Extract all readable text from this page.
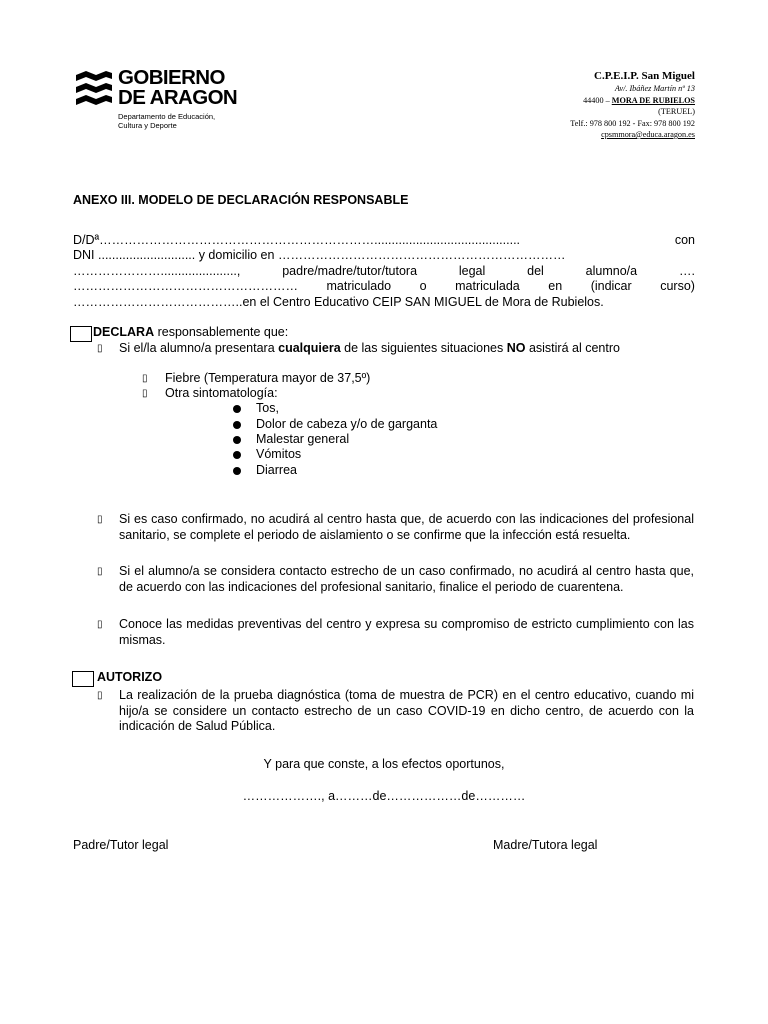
GOBIERNO
DE ARAGON
Departamento de Educación,
Cultura y Deporte
C.P.E.I.P. San Miguel
Av/. Ibáñez Martín nº 13
44400 – MORA DE RUBIELOS
(TERUEL)
Telf.: 978 800 192 - Fax: 978 800 192
cpsmmora@educa.aragon.es
ANEXO III. MODELO DE DECLARACIÓN RESPONSABLE
D/Dª …………………………………………………………..........................................	con
DNI ............................ y domicilio en ……………………………………………………………
…………………......................,	padre/madre/tutor/tutora	legal	del	alumno/a	….
……………………………………………… matriculado o matriculada en (indicar curso)
…………………………………..en el Centro Educativo CEIP SAN MIGUEL de Mora de Rubielos.
DECLARA responsablemente que:
▯ Si el/la alumno/a presentara cualquiera de las siguientes situaciones NO asistirá al centro
▯ Fiebre (Temperatura mayor de 37,5º)
▯ Otra sintomatología:
Tos,
Dolor de cabeza y/o de garganta
Malestar general
Vómitos
Diarrea
▯ Si es caso confirmado, no acudirá al centro hasta que, de acuerdo con las indicaciones del profesional sanitario, se complete el periodo de aislamiento o se confirme que la infección está resuelta.
▯ Si el alumno/a se considera contacto estrecho de un caso confirmado, no acudirá al centro hasta que, de acuerdo con las indicaciones del profesional sanitario, finalice el periodo de cuarentena.
▯ Conoce las medidas preventivas del centro y expresa su compromiso de estricto cumplimiento con las mismas.
AUTORIZO
▯ La realización de la prueba diagnóstica (toma de muestra de PCR) en el centro educativo, cuando mi hijo/a se considere un contacto estrecho de un caso COVID-19 en dicho centro, de acuerdo con la indicación de Salud Pública.
Y para que conste, a los efectos oportunos,
………………., a………de………………de…………
Padre/Tutor legal	Madre/Tutora legal
